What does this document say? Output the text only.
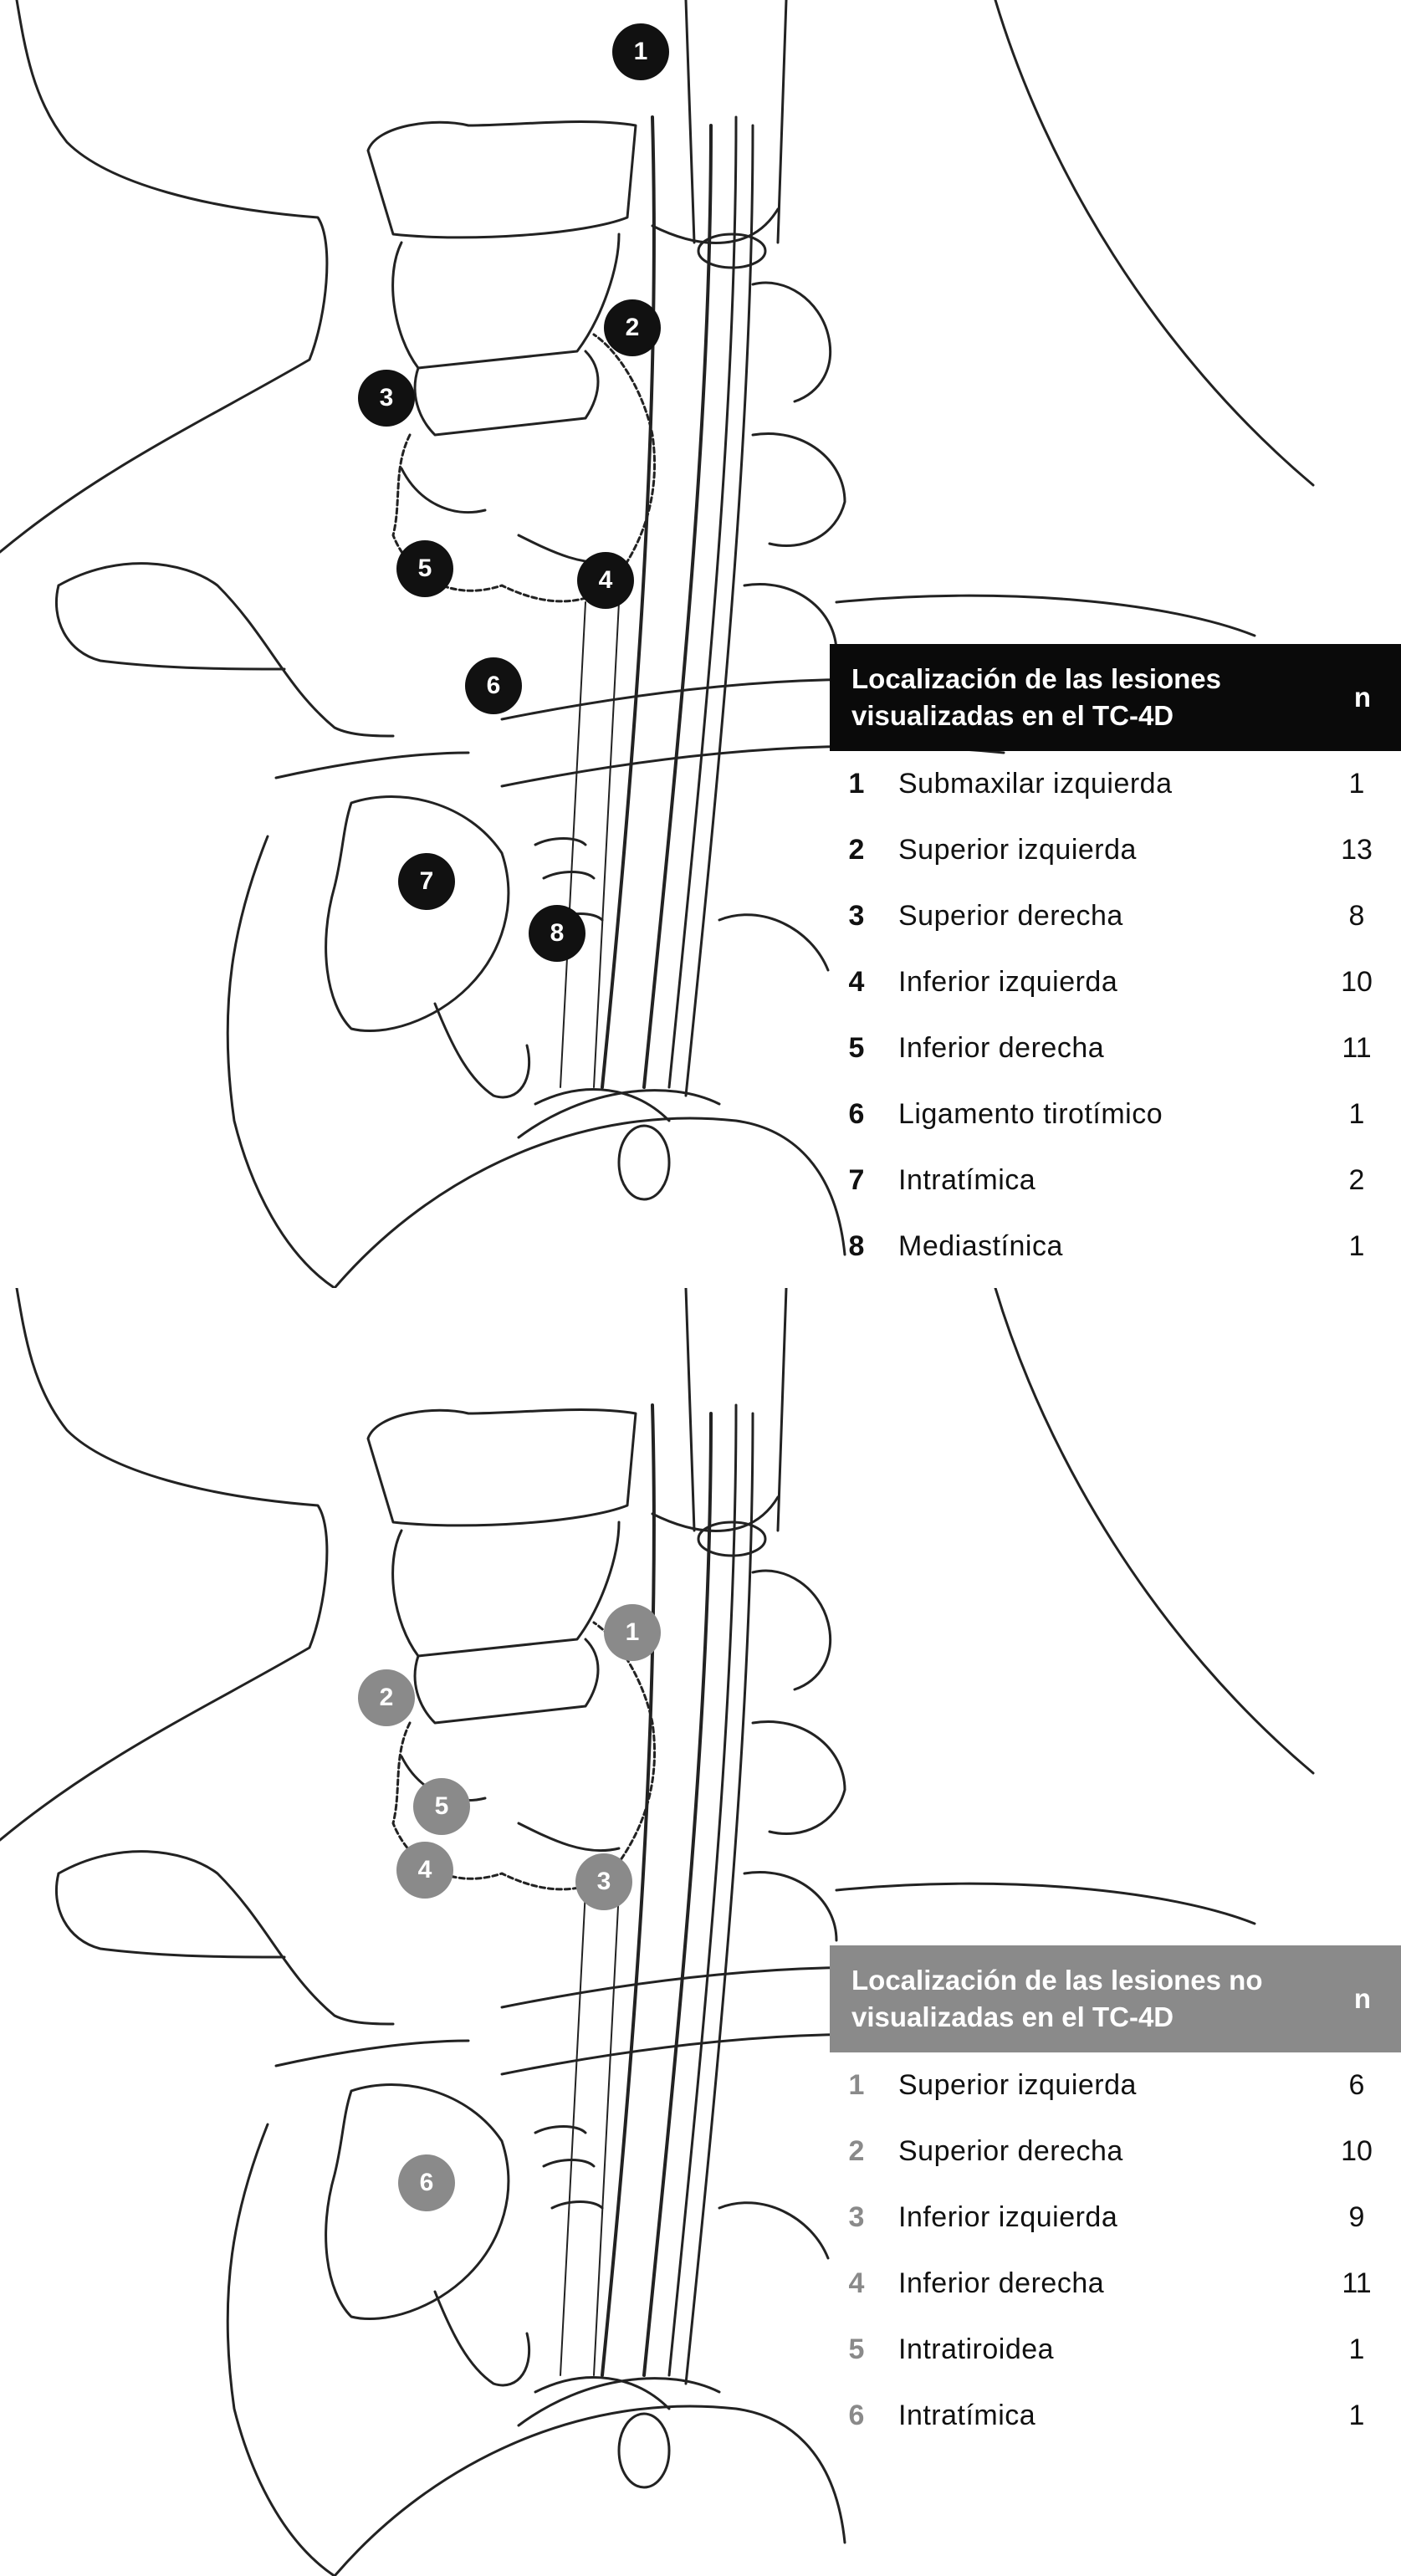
1
2
3
4
5
6
7
8
Localización de las lesiones visualizadas en el TC-4D
n
1	Submaxilar izquierda	1
2	Superior izquierda	13
3	Superior derecha	8
4	Inferior izquierda	10
5	Inferior derecha	11
6	Ligamento tirotímico	1
7	Intratímica	2
8	Mediastínica	1
1
2
3
4
5
6
Localización de las lesiones no visualizadas en el TC-4D
n
1	Superior izquierda	6
2	Superior derecha	10
3	Inferior izquierda	9
4	Inferior derecha	11
5	Intratiroidea	1
6	Intratímica	1
